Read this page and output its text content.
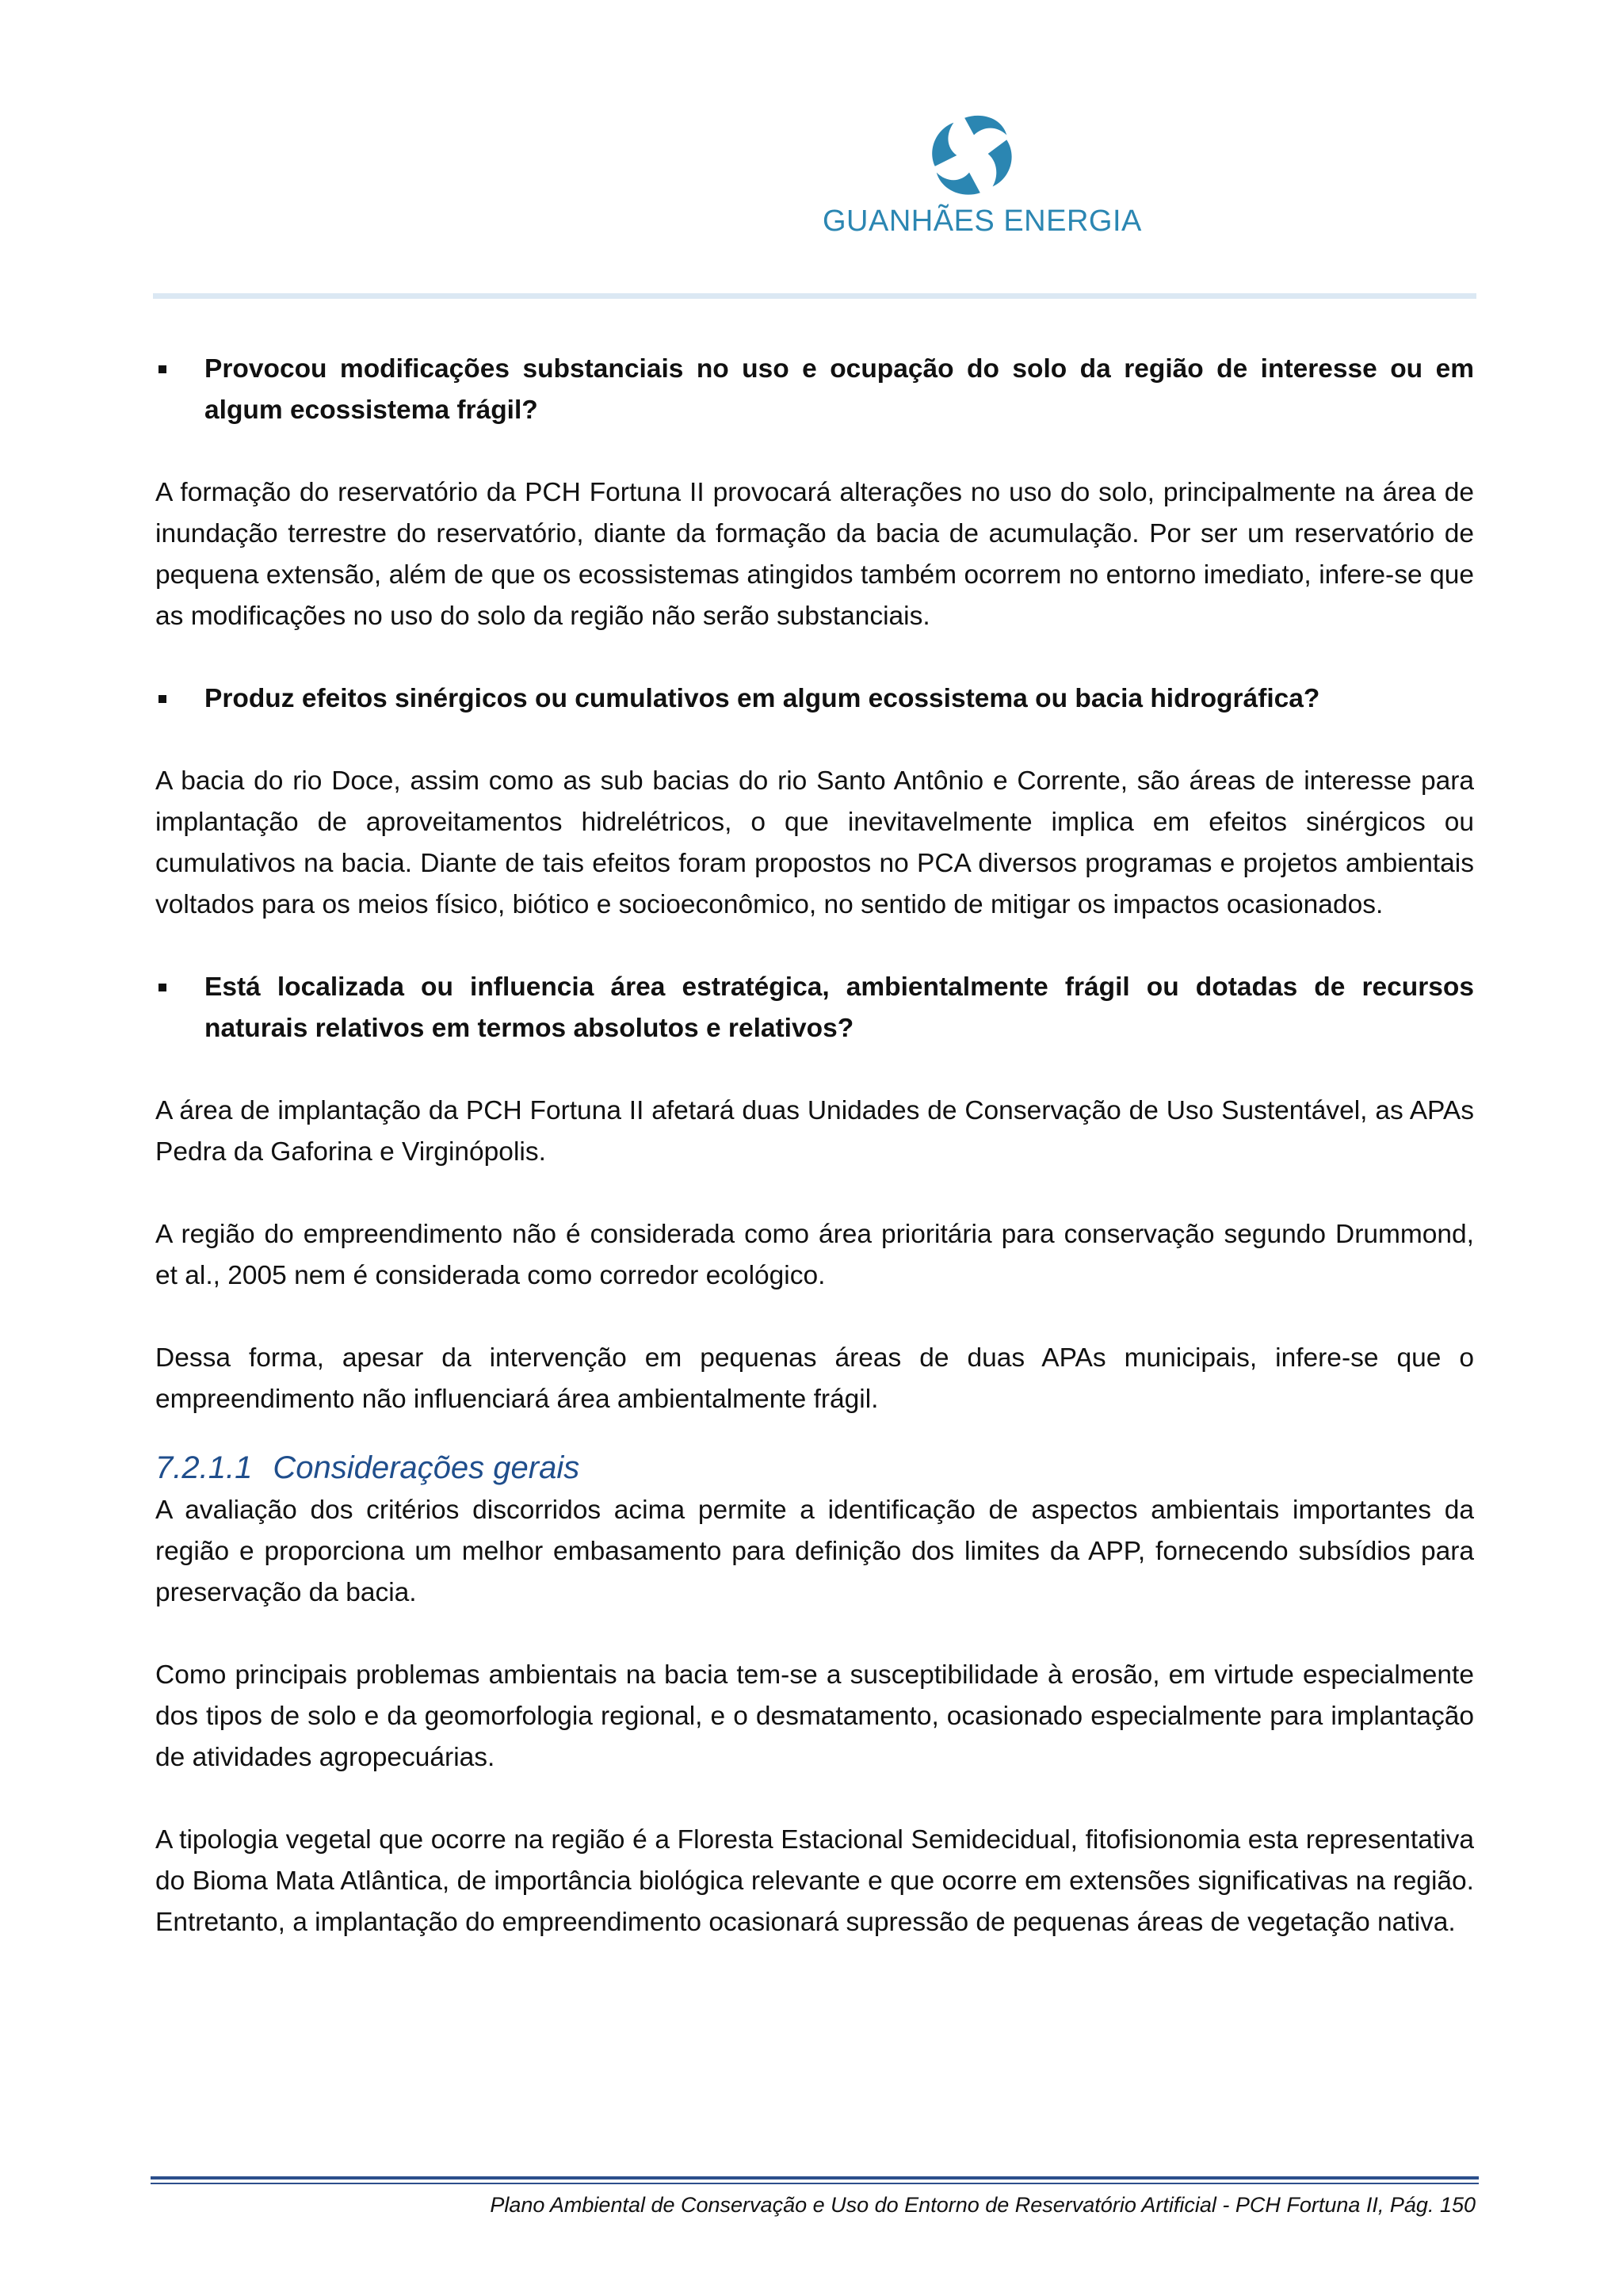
GUANHÃES ENERGIA
Provocou modificações substanciais no uso e ocupação do solo da região de interesse ou em algum ecossistema frágil?

A formação do reservatório da PCH Fortuna II provocará alterações no uso do solo, principalmente na área de inundação terrestre do reservatório, diante da formação da bacia de acumulação. Por ser um reservatório de pequena extensão, além de que os ecossistemas atingidos também ocorrem no entorno imediato, infere-se que as modificações no uso do solo da região não serão substanciais.

Produz efeitos sinérgicos ou cumulativos em algum ecossistema ou bacia hidrográfica?

A bacia do rio Doce, assim como as sub bacias do rio Santo Antônio e Corrente, são áreas de interesse para implantação de aproveitamentos hidrelétricos, o que inevitavelmente implica em efeitos sinérgicos ou cumulativos na bacia. Diante de tais efeitos foram propostos no PCA diversos programas e projetos ambientais voltados para os meios físico, biótico e socioeconômico, no sentido de mitigar os impactos ocasionados.

Está localizada ou influencia área estratégica, ambientalmente frágil ou dotadas de recursos naturais relativos em termos absolutos e relativos?

A área de implantação da PCH Fortuna II afetará duas Unidades de Conservação de Uso Sustentável, as APAs Pedra da Gaforina e Virginópolis.

A região do empreendimento não é considerada como área prioritária para conservação segundo Drummond, et al., 2005 nem é considerada como corredor ecológico.

Dessa forma, apesar da intervenção em pequenas áreas de duas APAs municipais, infere-se que o empreendimento não influenciará área ambientalmente frágil.

7.2.1.1 Considerações gerais

A avaliação dos critérios discorridos acima permite a identificação de aspectos ambientais importantes da região e proporciona um melhor embasamento para definição dos limites da APP, fornecendo subsídios para preservação da bacia.

Como principais problemas ambientais na bacia tem-se a susceptibilidade à erosão, em virtude especialmente dos tipos de solo e da geomorfologia regional, e o desmatamento, ocasionado especialmente para implantação de atividades agropecuárias.

A tipologia vegetal que ocorre na região é a Floresta Estacional Semidecidual, fitofisionomia esta representativa do Bioma Mata Atlântica, de importância biológica relevante e que ocorre em extensões significativas na região. Entretanto, a implantação do empreendimento ocasionará supressão de pequenas áreas de vegetação nativa.

Plano Ambiental de Conservação e Uso do Entorno de Reservatório Artificial - PCH Fortuna II, Pág. 150
